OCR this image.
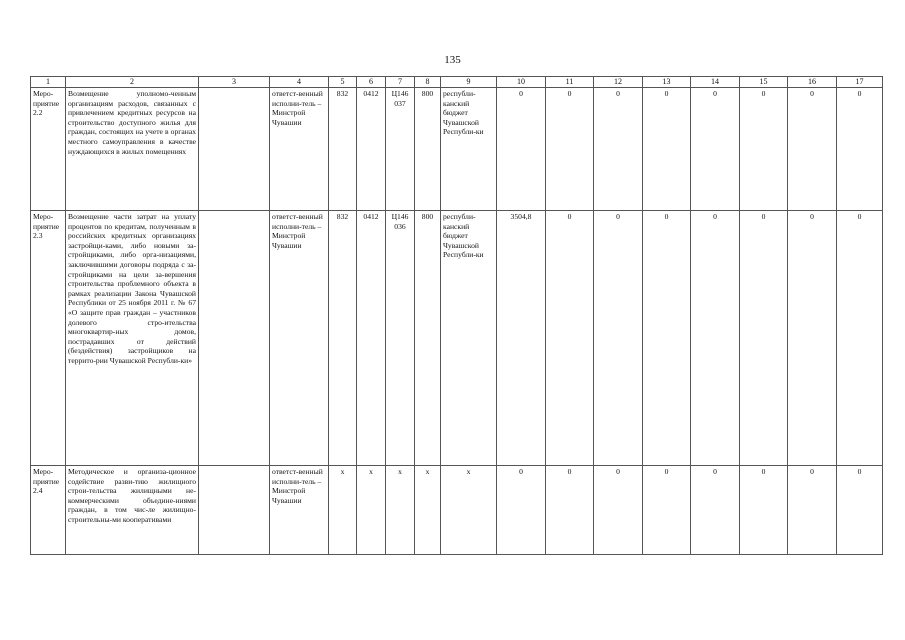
135
1	2	3	4	5	6	7	8	9	10	11	12	13	14	15	16	17
Меро-приятие 2.2	Возмещение уполномо-ченным организациям расходов, связанных с привлечением кредитных ресурсов на строительство доступного жилья для граждан, состоящих на учете в органах местного самоуправления в качестве нуждающихся в жилых помещениях		ответст-венный исполни-тель – Минстрой Чувашии	832	0412	Ц146 037	800	республи-канский бюджет Чувашской Республи-ки	0	0	0	0	0	0	0	0
Меро-приятие 2.3	Возмещение части затрат на уплату процентов по кредитам, полученным в российских кредитных организациях застройщи-ками, либо новыми за-стройщиками, либо орга-низациями, заключившими договоры подряда с за-стройщиками на цели за-вершения строительства проблемного объекта в рамках реализации Закона Чувашской Республики от 25 ноября 2011 г. № 67 «О защите прав граждан – участников долевого стро-ительства многоквартир-ных домов, пострадавших от действий (бездействия) застройщиков на террито-рии Чувашской Республи-ки»		ответст-венный исполни-тель – Минстрой Чувашии	832	0412	Ц146 036	800	республи-канский бюджет Чувашской Республи-ки	3504,8	0	0	0	0	0	0	0
Меро-приятие 2.4	Методическое и организа-ционное содействие разви-тию жилищного строи-тельства жилищными не-коммерческими объедине-ниями граждан, в том чис-ле жилищно-строительны-ми кооперативами		ответст-венный исполни-тель – Минстрой Чувашии	x	x	x	x	x	0	0	0	0	0	0	0	0
